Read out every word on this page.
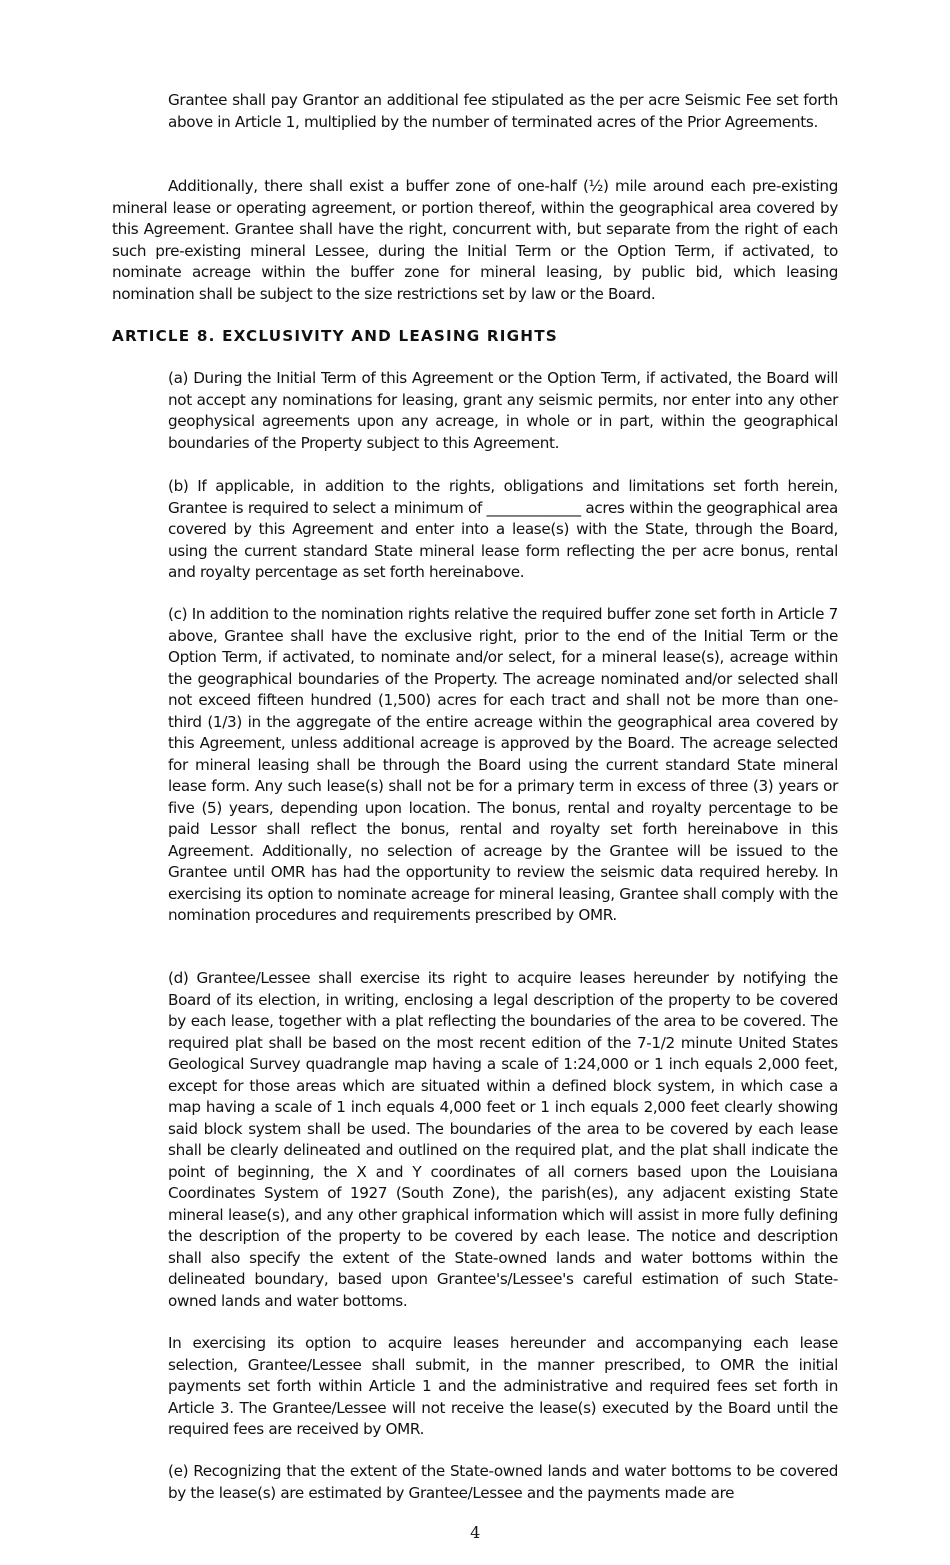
Grantee shall pay Grantor an additional fee stipulated as the per acre Seismic Fee set forth above in Article 1, multiplied by the number of terminated acres of the Prior Agreements.

Additionally, there shall exist a buffer zone of one-half (½) mile around each pre-existing mineral lease or operating agreement, or portion thereof, within the geographical area covered by this Agreement. Grantee shall have the right, concurrent with, but separate from the right of each such pre-existing mineral Lessee, during the Initial Term or the Option Term, if activated, to nominate acreage within the buffer zone for mineral leasing, by public bid, which leasing nomination shall be subject to the size restrictions set by law or the Board.

ARTICLE 8. EXCLUSIVITY AND LEASING RIGHTS

(a) During the Initial Term of this Agreement or the Option Term, if activated, the Board will not accept any nominations for leasing, grant any seismic permits, nor enter into any other geophysical agreements upon any acreage, in whole or in part, within the geographical boundaries of the Property subject to this Agreement.

(b) If applicable, in addition to the rights, obligations and limitations set forth herein, Grantee is required to select a minimum of _____________ acres within the geographical area covered by this Agreement and enter into a lease(s) with the State, through the Board, using the current standard State mineral lease form reflecting the per acre bonus, rental and royalty percentage as set forth hereinabove.

(c) In addition to the nomination rights relative the required buffer zone set forth in Article 7 above, Grantee shall have the exclusive right, prior to the end of the Initial Term or the Option Term, if activated, to nominate and/or select, for a mineral lease(s), acreage within the geographical boundaries of the Property. The acreage nominated and/or selected shall not exceed fifteen hundred (1,500) acres for each tract and shall not be more than one-third (1/3) in the aggregate of the entire acreage within the geographical area covered by this Agreement, unless additional acreage is approved by the Board. The acreage selected for mineral leasing shall be through the Board using the current standard State mineral lease form. Any such lease(s) shall not be for a primary term in excess of three (3) years or five (5) years, depending upon location. The bonus, rental and royalty percentage to be paid Lessor shall reflect the bonus, rental and royalty set forth hereinabove in this Agreement. Additionally, no selection of acreage by the Grantee will be issued to the Grantee until OMR has had the opportunity to review the seismic data required hereby. In exercising its option to nominate acreage for mineral leasing, Grantee shall comply with the nomination procedures and requirements prescribed by OMR.

(d) Grantee/Lessee shall exercise its right to acquire leases hereunder by notifying the Board of its election, in writing, enclosing a legal description of the property to be covered by each lease, together with a plat reflecting the boundaries of the area to be covered. The required plat shall be based on the most recent edition of the 7-1/2 minute United States Geological Survey quadrangle map having a scale of 1:24,000 or 1 inch equals 2,000 feet, except for those areas which are situated within a defined block system, in which case a map having a scale of 1 inch equals 4,000 feet or 1 inch equals 2,000 feet clearly showing said block system shall be used. The boundaries of the area to be covered by each lease shall be clearly delineated and outlined on the required plat, and the plat shall indicate the point of beginning, the X and Y coordinates of all corners based upon the Louisiana Coordinates System of 1927 (South Zone), the parish(es), any adjacent existing State mineral lease(s), and any other graphical information which will assist in more fully defining the description of the property to be covered by each lease. The notice and description shall also specify the extent of the State-owned lands and water bottoms within the delineated boundary, based upon Grantee's/Lessee's careful estimation of such State-owned lands and water bottoms.

In exercising its option to acquire leases hereunder and accompanying each lease selection, Grantee/Lessee shall submit, in the manner prescribed, to OMR the initial payments set forth within Article 1 and the administrative and required fees set forth in Article 3. The Grantee/Lessee will not receive the lease(s) executed by the Board until the required fees are received by OMR.

(e) Recognizing that the extent of the State-owned lands and water bottoms to be covered by the lease(s) are estimated by Grantee/Lessee and the payments made are

4
